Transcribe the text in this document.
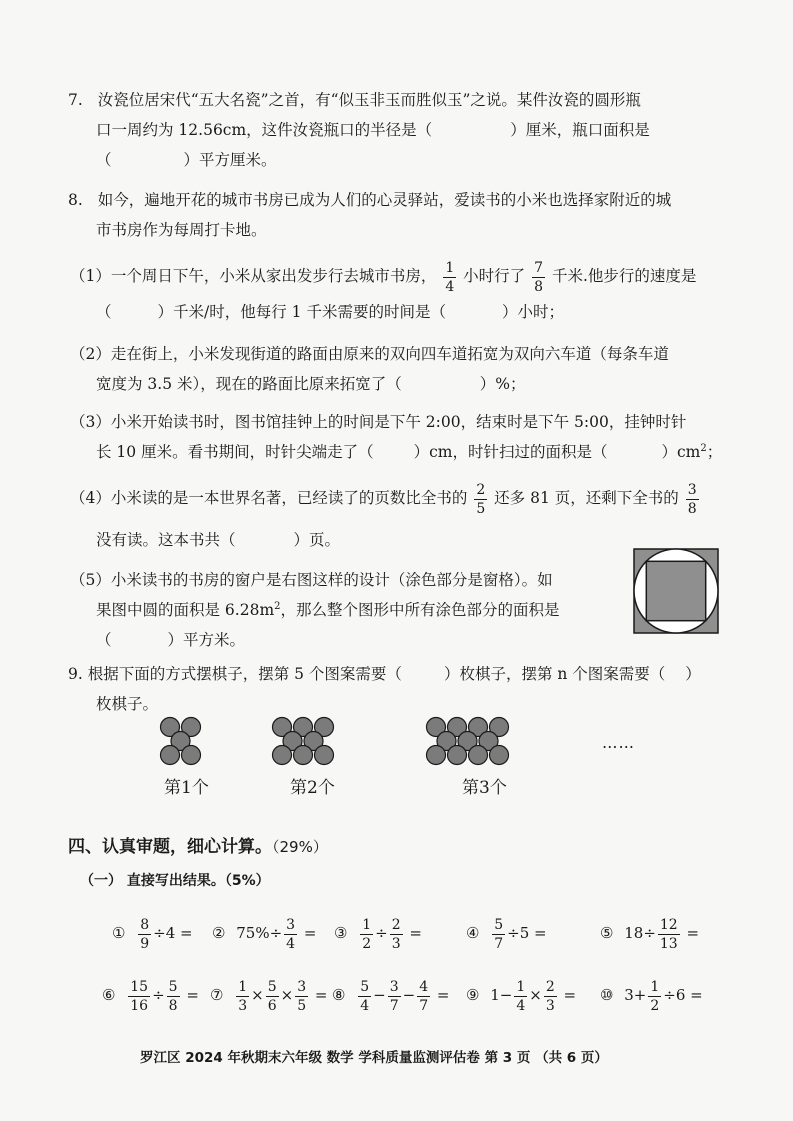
7. 汝瓷位居宋代“五大名瓷”之首，有“似玉非玉而胜似玉”之说。某件汝瓷的圆形瓶
口一周约为 12.56cm，这件汝瓷瓶口的半径是（	）厘米，瓶口面积是
（	）平方厘米。
8. 如今，遍地开花的城市书房已成为人们的心灵驿站，爱读书的小米也选择家附近的城
市书房作为每周打卡地。
（1）一个周日下午，小米从家出发步行去城市书房， $\frac{1}{4}$ 小时行了 $\frac{7}{8}$ 千米.他步行的速度是
（	）千米/时，他每行 1 千米需要的时间是（	）小时；
（2）走在街上，小米发现街道的路面由原来的双向四车道拓宽为双向六车道（每条车道
宽度为 3.5 米），现在的路面比原来拓宽了（	）%；
（3）小米开始读书时，图书馆挂钟上的时间是下午 2:00，结束时是下午 5:00，挂钟时针
长 10 厘米。看书期间，时针尖端走了（	）cm，时针扫过的面积是（	）$cm^2$；
（4）小米读的是一本世界名著，已经读了的页数比全书的 $\frac{2}{5}$ 还多 81 页，还剩下全书的 $\frac{3}{8}$
没有读。这本书共（	）页。
（5）小米读书的书房的窗户是右图这样的设计（涂色部分是窗格）。如
果图中圆的面积是 $6.28m^2$，那么整个图形中所有涂色部分的面积是
（	）平方米。
9. 根据下面的方式摆棋子，摆第 5 个图案需要（	）枚棋子，摆第 n 个图案需要（ ）
枚棋子。
第1个	第2个	第3个
……
四、认真审题，细心计算。（29%）
（一） 直接写出结果。（5%）
① $\frac{8}{9} \div 4$ = ② $75\%\div \frac{3}{4}$ = ③ $\frac{1}{2} \div \frac{2}{3}$ =	④ $\frac{5}{7} \div 5$ =	⑤ $18\div \frac{12}{13}$ =
⑥ $\frac{15}{16} \div \frac{5}{8}$ = ⑦ $\frac{1}{3} \times \frac{5}{6} \times \frac{3}{5}$ = ⑧ $\frac{5}{4} - \frac{3}{7} - \frac{4}{7}$ = ⑨ $1- \frac{1}{4} \times \frac{2}{3}$ = ⑩ $3+ \frac{1}{2} \div 6$ =
罗江区 2024 年秋期末六年级 数学 学科质量监测评估卷 第 3 页 （共 6 页）
